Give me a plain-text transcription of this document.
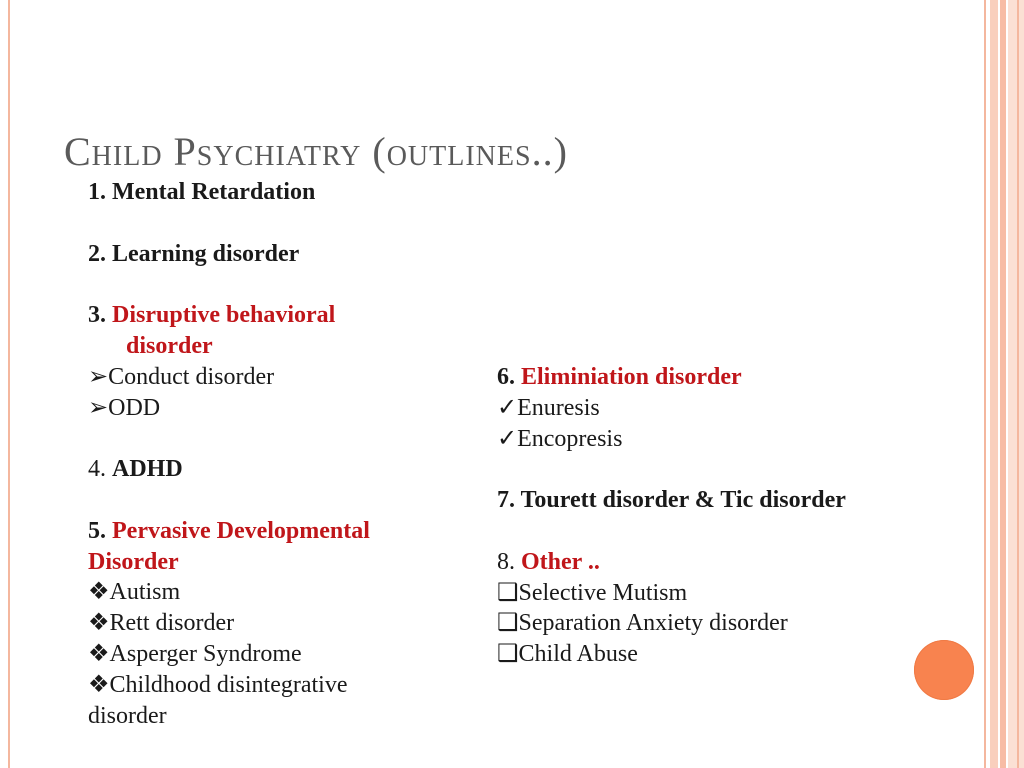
Child Psychiatry (outlines..)
1. Mental Retardation
2. Learning disorder
3. Disruptive behavioral
disorder
➢Conduct disorder
➢ODD
4. ADHD
5. Pervasive Developmental
Disorder
❖Autism
❖Rett disorder
❖Asperger Syndrome
❖Childhood disintegrative
disorder
6. Eliminiation disorder
✓Enuresis
✓Encopresis
7. Tourett disorder & Tic disorder
8. Other ..
❑Selective Mutism
❑Separation Anxiety disorder
❑Child Abuse
